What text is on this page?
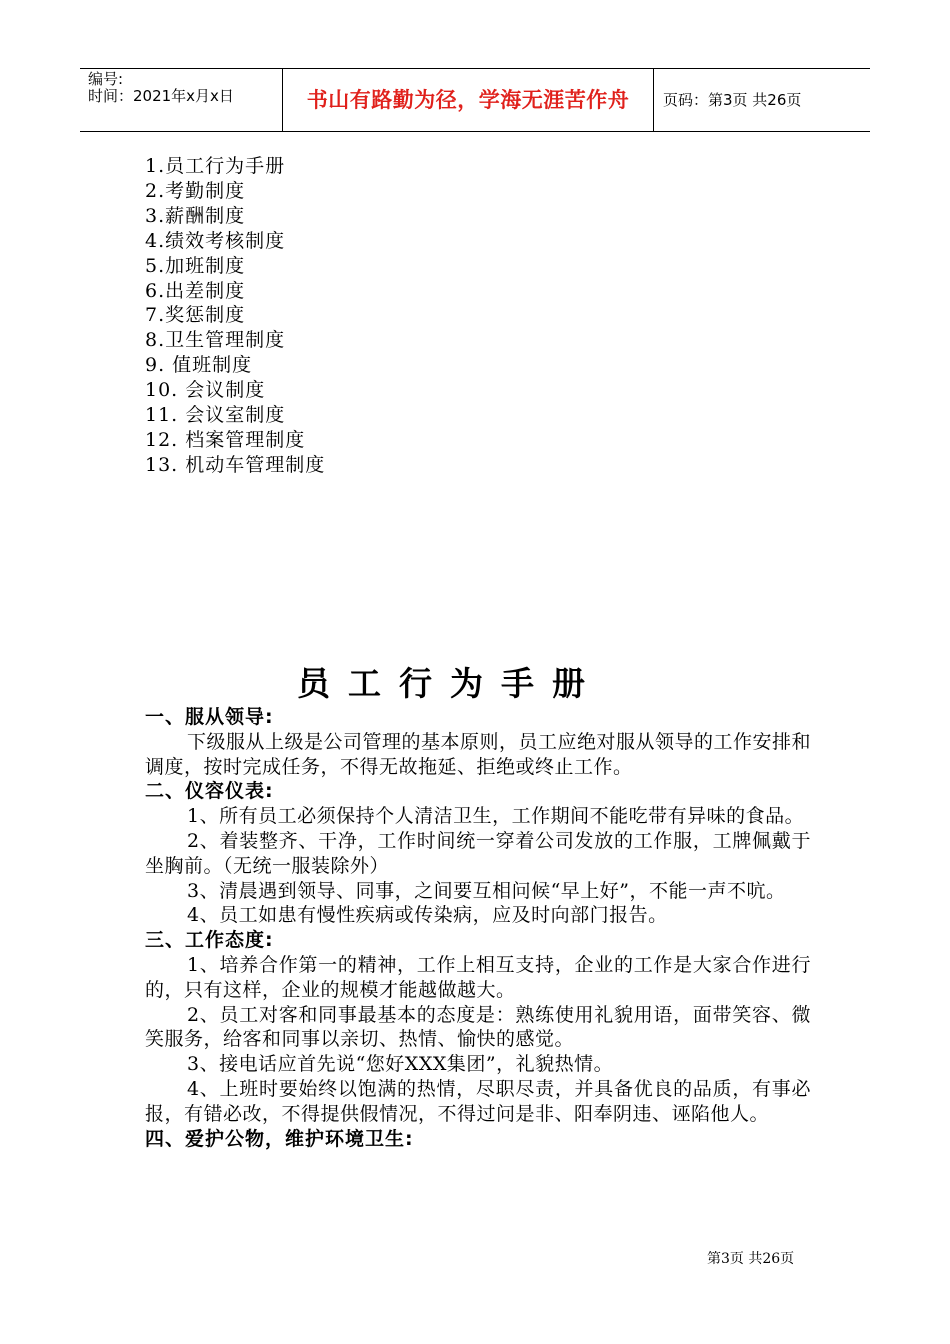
编号:
时间：2021年x月x日	书山有路勤为径，学海无涯苦作舟	页码：第3页 共26页
1.员工行为手册
2.考勤制度
3.薪酬制度
4.绩效考核制度
5.加班制度
6.出差制度
7.奖惩制度
8.卫生管理制度
9. 值班制度
10. 会议制度
11. 会议室制度
12. 档案管理制度
13. 机动车管理制度
员工行为手册
一、服从领导:

下级服从上级是公司管理的基本原则，员工应绝对服从领导的工作安排和调度，按时完成任务，不得无故拖延、拒绝或终止工作。

二、仪容仪表:

1、所有员工必须保持个人清洁卫生，工作期间不能吃带有异味的食品。

2、着装整齐、干净，工作时间统一穿着公司发放的工作服，工牌佩戴于坐胸前。（无统一服装除外）

3、清晨遇到领导、同事，之间要互相问候“早上好”，不能一声不吭。

4、员工如患有慢性疾病或传染病，应及时向部门报告。

三、工作态度:

1、培养合作第一的精神，工作上相互支持，企业的工作是大家合作进行的，只有这样，企业的规模才能越做越大。

2、员工对客和同事最基本的态度是：熟练使用礼貌用语，面带笑容、微笑服务，给客和同事以亲切、热情、愉快的感觉。

3、接电话应首先说“您好XXX集团”，礼貌热情。

4、上班时要始终以饱满的热情，尽职尽责，并具备优良的品质，有事必报，有错必改，不得提供假情况，不得过问是非、阳奉阴违、诬陷他人。

四、爱护公物，维护环境卫生:
第3页 共26页
